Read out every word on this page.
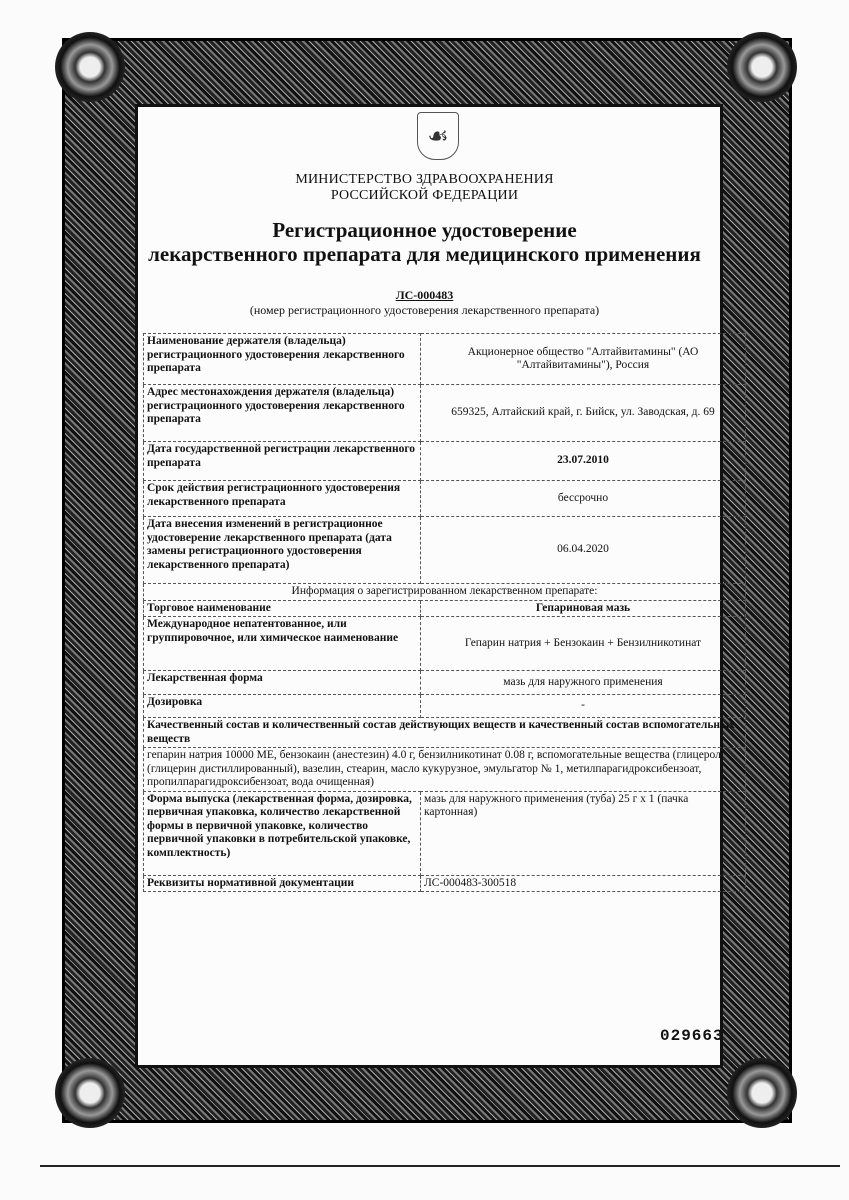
☙
МИНИСТЕРСТВО ЗДРАВООХРАНЕНИЯ
РОССИЙСКОЙ ФЕДЕРАЦИИ
Регистрационное удостоверение
лекарственного препарата для медицинского применения
ЛС-000483
(номер регистрационного удостоверения лекарственного препарата)
Наименование держателя (владельца) регистрационного удостоверения лекарственного препарата	Акционерное общество "Алтайвитамины" (АО "Алтайвитамины"), Россия
Адрес местонахождения держателя (владельца) регистрационного удостоверения лекарственного препарата	659325, Алтайский край, г. Бийск, ул. Заводская, д. 69
Дата государственной регистрации лекарственного препарата	23.07.2010
Срок действия регистрационного удостоверения лекарственного препарата	бессрочно
Дата внесения изменений в регистрационное удостоверение лекарственного препарата (дата замены регистрационного удостоверения лекарственного препарата)	06.04.2020
Информация о зарегистрированном лекарственном препарате:	
Торговое наименование	Гепариновая мазь
Международное непатентованное, или группировочное, или химическое наименование	Гепарин натрия + Бензокаин + Бензилникотинат
Лекарственная форма	мазь для наружного применения
Дозировка	-
Качественный состав и количественный состав действующих веществ и качественный состав вспомогательных веществ	
гепарин натрия 10000 МЕ, бензокаин (анестезин) 4.0 г, бензилникотинат 0.08 г, вспомогательные вещества (глицерол (глицерин дистиллированный), вазелин, стеарин, масло кукурузное, эмульгатор № 1, метилпарагидроксибензоат, пропилпарагидроксибензоат, вода очищенная)	
Форма выпуска (лекарственная форма, дозировка, первичная упаковка, количество лекарственной формы в первичной упаковке, количество первичной упаковки в потребительской упаковке, комплектность)	мазь для наружного применения (туба) 25 г х 1 (пачка картонная)
Реквизиты нормативной документации	ЛС-000483-300518
029663
